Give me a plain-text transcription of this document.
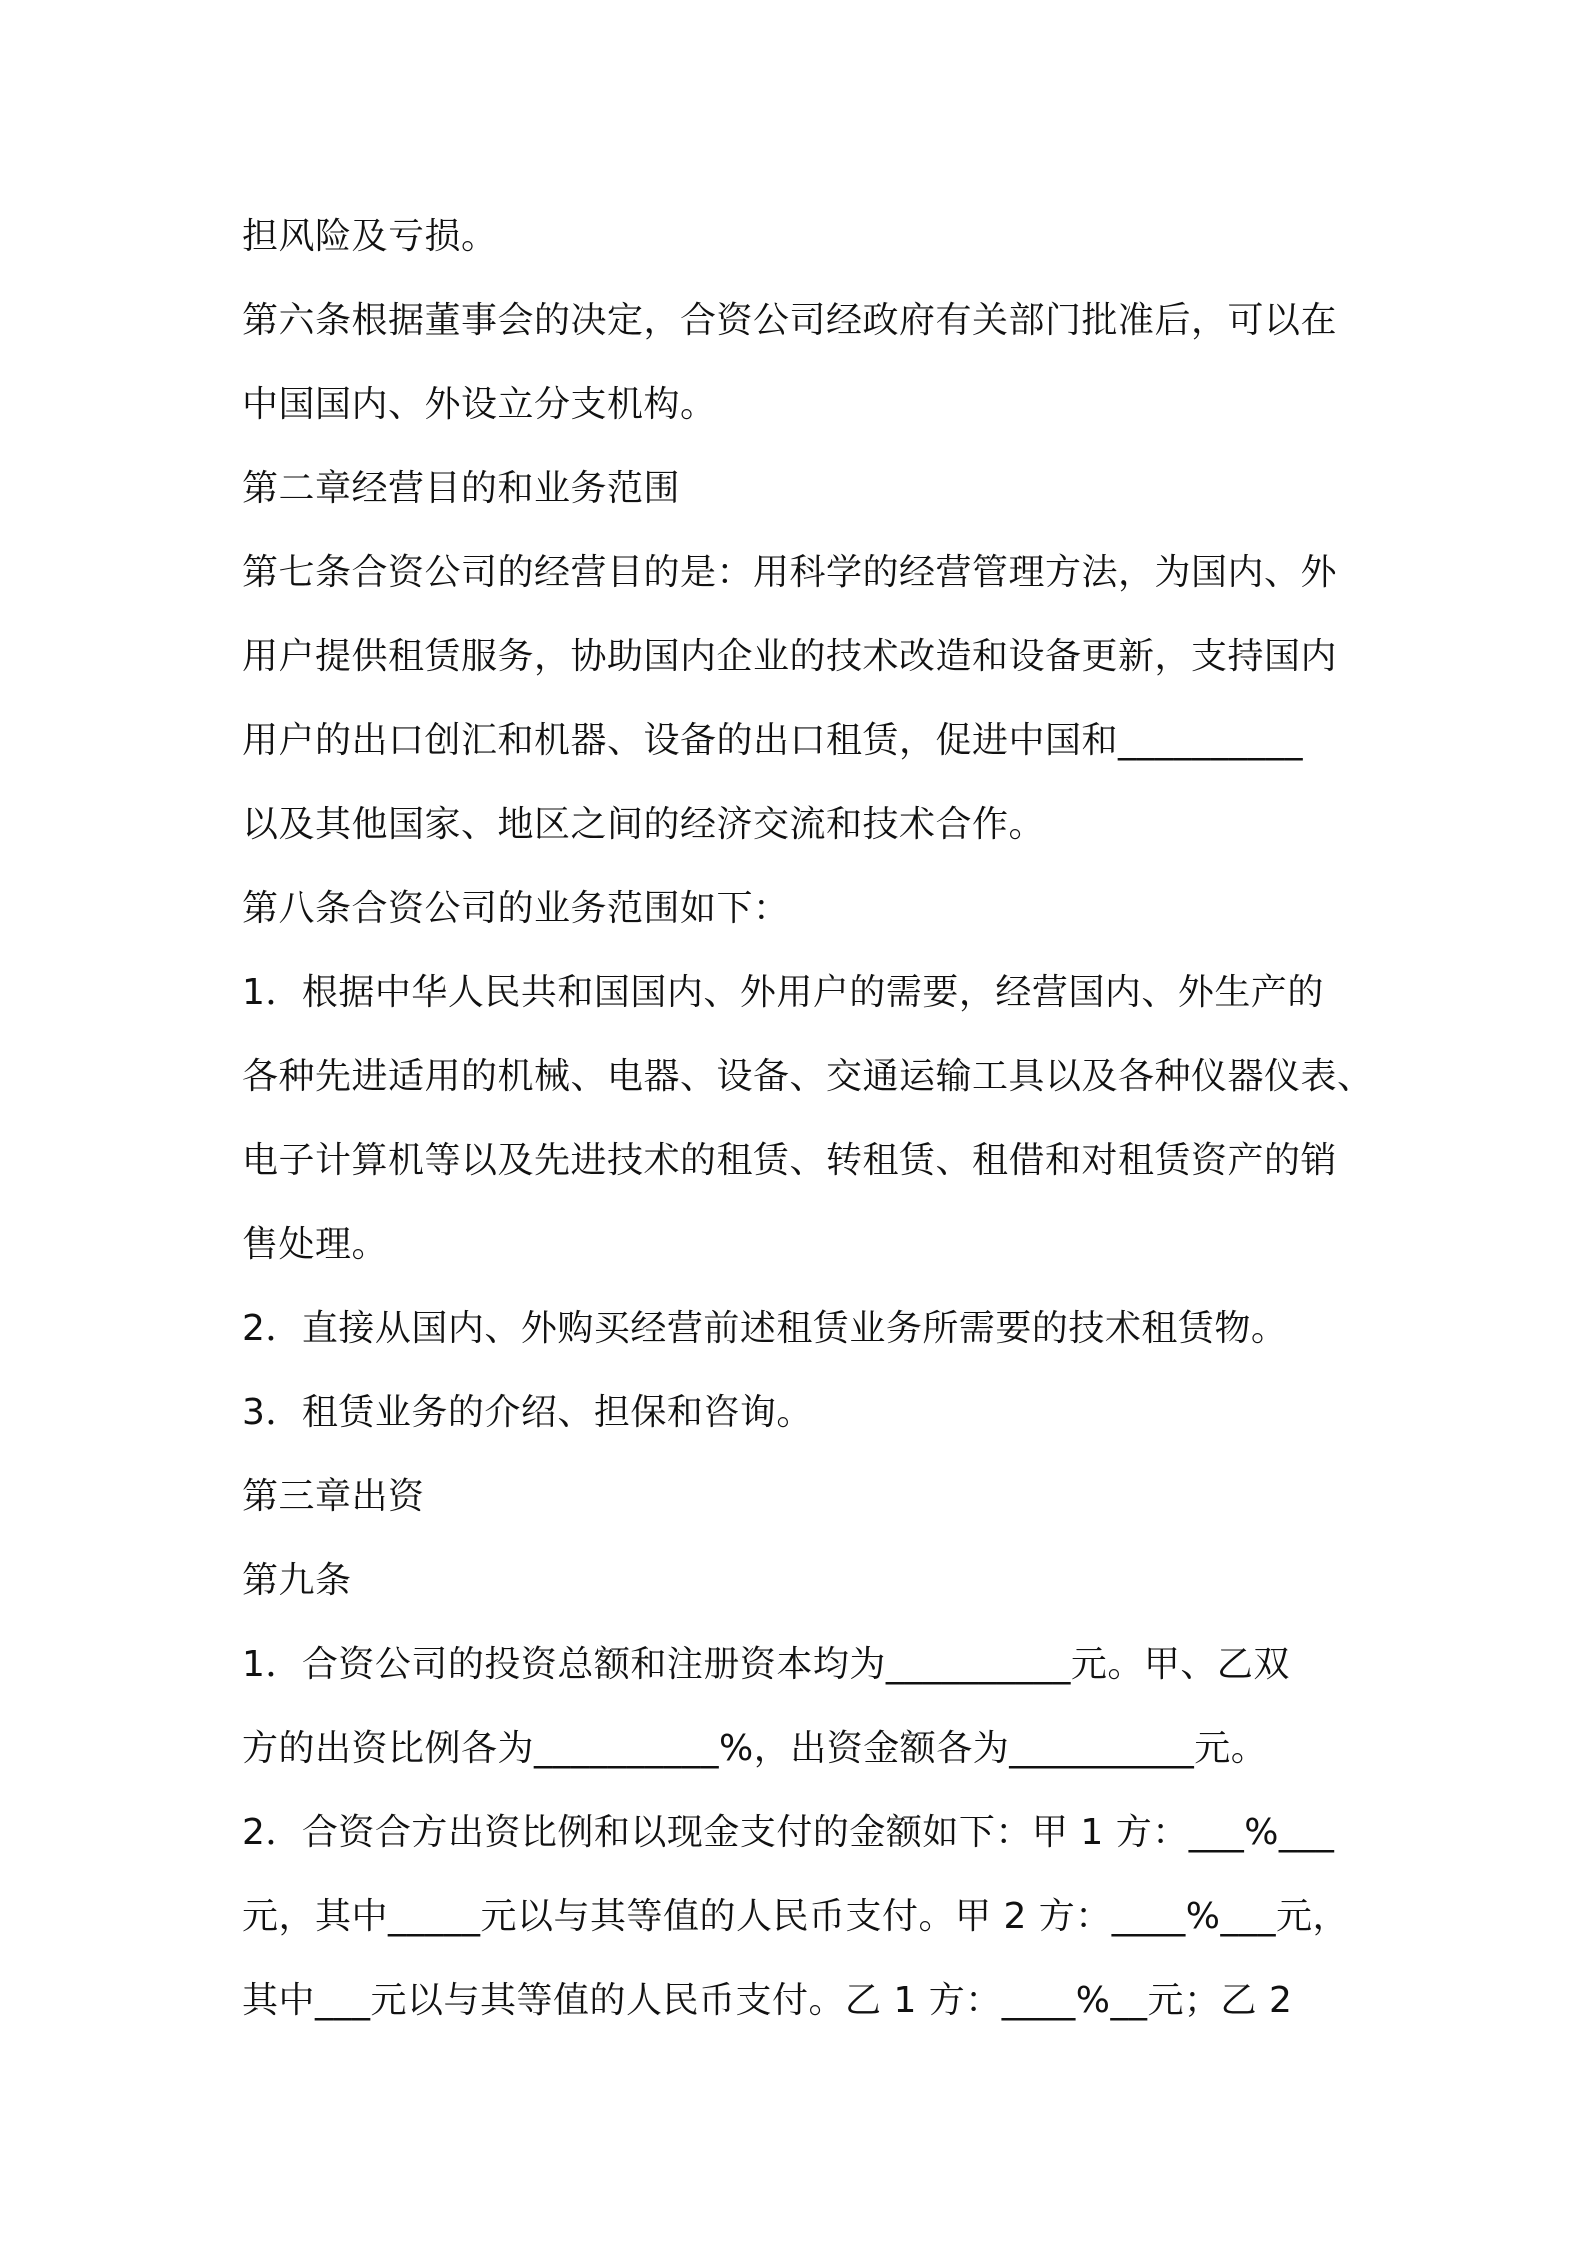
担风险及亏损。
第六条根据董事会的决定，合资公司经政府有关部门批准后，可以在
中国国内、外设立分支机构。
第二章经营目的和业务范围
第七条合资公司的经营目的是：用科学的经营管理方法，为国内、外
用户提供租赁服务，协助国内企业的技术改造和设备更新，支持国内
用户的出口创汇和机器、设备的出口租赁，促进中国和__________
以及其他国家、地区之间的经济交流和技术合作。
第八条合资公司的业务范围如下：
1．根据中华人民共和国国内、外用户的需要，经营国内、外生产的
各种先进适用的机械、电器、设备、交通运输工具以及各种仪器仪表、
电子计算机等以及先进技术的租赁、转租赁、租借和对租赁资产的销
售处理。
2．直接从国内、外购买经营前述租赁业务所需要的技术租赁物。
3．租赁业务的介绍、担保和咨询。
第三章出资
第九条
1．合资公司的投资总额和注册资本均为__________元。甲、乙双
方的出资比例各为__________%，出资金额各为__________元。
2．合资合方出资比例和以现金支付的金额如下：甲 1 方：___%___
元，其中_____元以与其等值的人民币支付。甲 2 方：____%___元，
其中___元以与其等值的人民币支付。乙 1 方：____%__元；乙 2
